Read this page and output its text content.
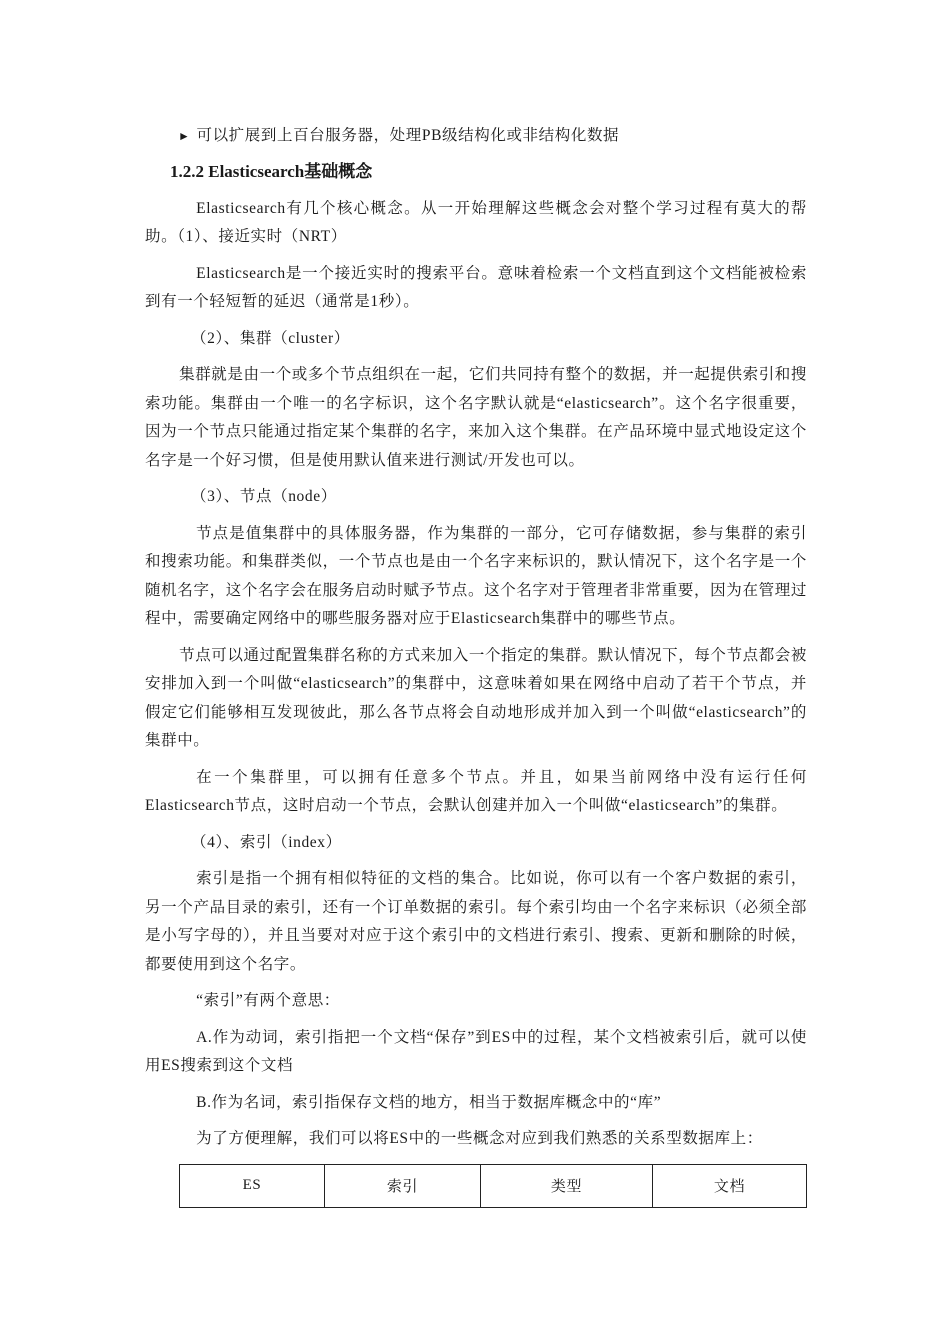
► 可以扩展到上百台服务器，处理PB级结构化或非结构化数据

1.2.2 Elasticsearch基础概念

Elasticsearch有几个核心概念。从一开始理解这些概念会对整个学习过程有莫大的帮助。（1）、接近实时（NRT）

Elasticsearch是一个接近实时的搜索平台。意味着检索一个文档直到这个文档能被检索到有一个轻短暂的延迟（通常是1秒）。

（2）、集群（cluster）

集群就是由一个或多个节点组织在一起，它们共同持有整个的数据，并一起提供索引和搜索功能。集群由一个唯一的名字标识，这个名字默认就是“elasticsearch”。这个名字很重要，因为一个节点只能通过指定某个集群的名字，来加入这个集群。在产品环境中显式地设定这个名字是一个好习惯，但是使用默认值来进行测试/开发也可以。

（3）、节点（node）

节点是值集群中的具体服务器，作为集群的一部分，它可存储数据，参与集群的索引和搜索功能。和集群类似，一个节点也是由一个名字来标识的，默认情况下，这个名字是一个随机名字，这个名字会在服务启动时赋予节点。这个名字对于管理者非常重要，因为在管理过程中，需要确定网络中的哪些服务器对应于Elasticsearch集群中的哪些节点。

节点可以通过配置集群名称的方式来加入一个指定的集群。默认情况下，每个节点都会被安排加入到一个叫做“elasticsearch”的集群中，这意味着如果在网络中启动了若干个节点，并假定它们能够相互发现彼此，那么各节点将会自动地形成并加入到一个叫做“elasticsearch”的集群中。

在一个集群里，可以拥有任意多个节点。并且，如果当前网络中没有运行任何Elasticsearch节点，这时启动一个节点，会默认创建并加入一个叫做“elasticsearch”的集群。

（4）、索引（index）

索引是指一个拥有相似特征的文档的集合。比如说，你可以有一个客户数据的索引，另一个产品目录的索引，还有一个订单数据的索引。每个索引均由一个名字来标识（必须全部是小写字母的），并且当要对对应于这个索引中的文档进行索引、搜索、更新和删除的时候，都要使用到这个名字。

“索引”有两个意思：

A.作为动词，索引指把一个文档“保存”到ES中的过程，某个文档被索引后，就可以使用ES搜索到这个文档

B.作为名词，索引指保存文档的地方，相当于数据库概念中的“库”

为了方便理解，我们可以将ES中的一些概念对应到我们熟悉的关系型数据库上：

ES	索引	类型	文档
